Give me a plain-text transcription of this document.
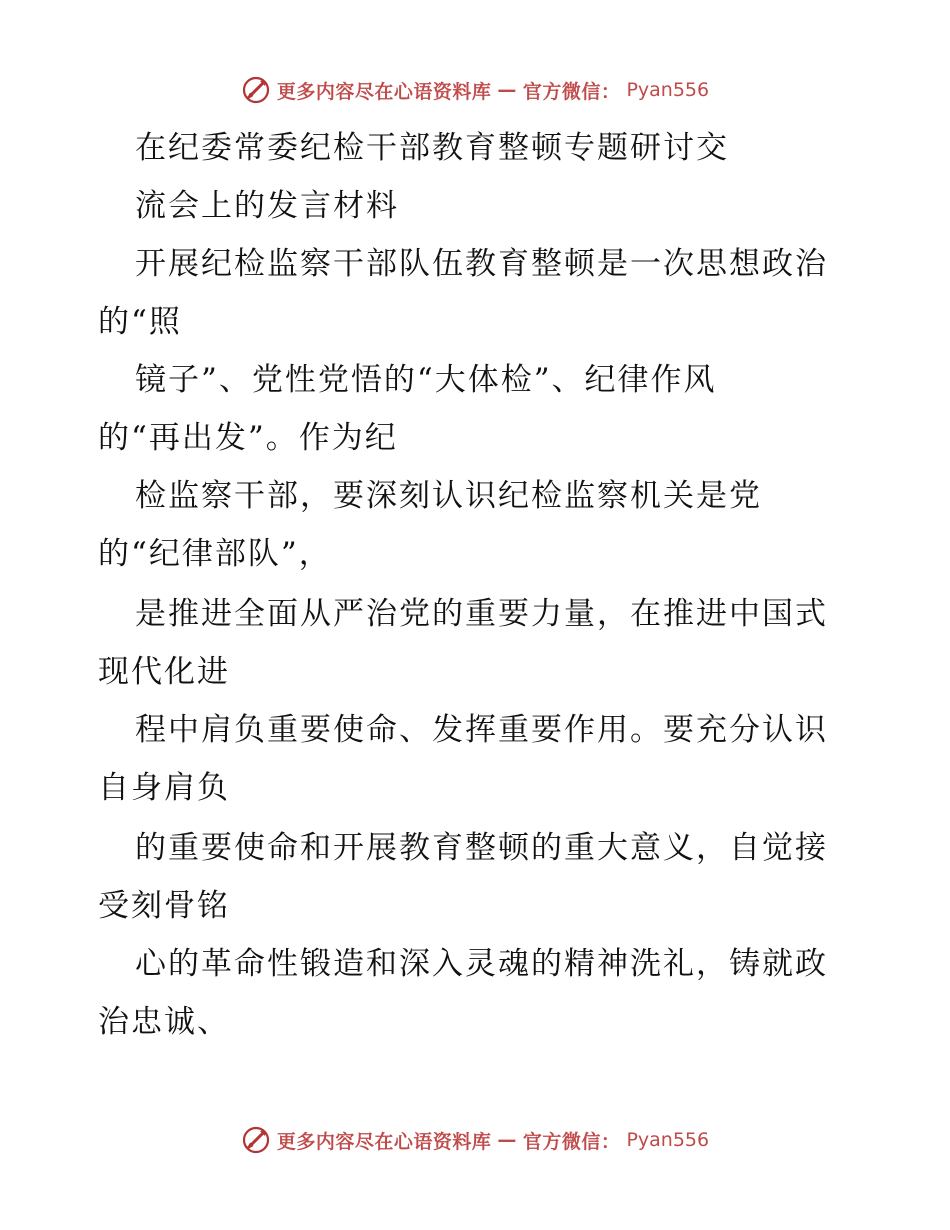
更多内容尽在心语资料库 — 官方微信： Pyan556
在纪委常委纪检干部教育整顿专题研讨交
流会上的发言材料
开展纪检监察干部队伍教育整顿是一次思想政治
的“照
镜子”、党性党悟的“大体检”、纪律作风
的“再出发”。作为纪
检监察干部，要深刻认识纪检监察机关是党
的“纪律部队”，
是推进全面从严治党的重要力量，在推进中国式
现代化进
程中肩负重要使命、发挥重要作用。要充分认识
自身肩负
的重要使命和开展教育整顿的重大意义，自觉接
受刻骨铭
心的革命性锻造和深入灵魂的精神洗礼，铸就政
治忠诚、
更多内容尽在心语资料库 — 官方微信： Pyan556
